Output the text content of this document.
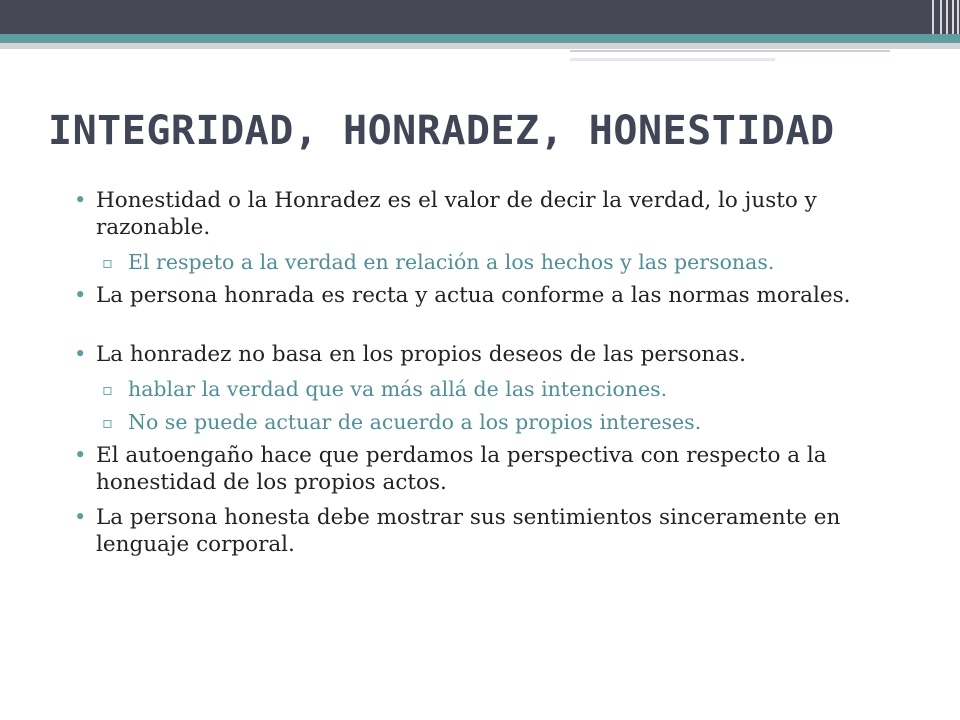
INTEGRIDAD, HONRADEZ, HONESTIDAD
• Honestidad o la Honradez es el valor de decir la verdad, lo justo y razonable.
▫ El respeto a la verdad en relación a los hechos y las personas.
• La persona honrada es recta y actua conforme a las normas morales.
• La honradez no basa en los propios deseos de las personas.
▫ hablar la verdad que va más allá de las intenciones.
▫ No se puede actuar de acuerdo a los propios intereses.
• El autoengaño hace que perdamos la perspectiva con respecto a la honestidad de los propios actos.
• La persona honesta debe mostrar sus sentimientos sinceramente en lenguaje corporal.
